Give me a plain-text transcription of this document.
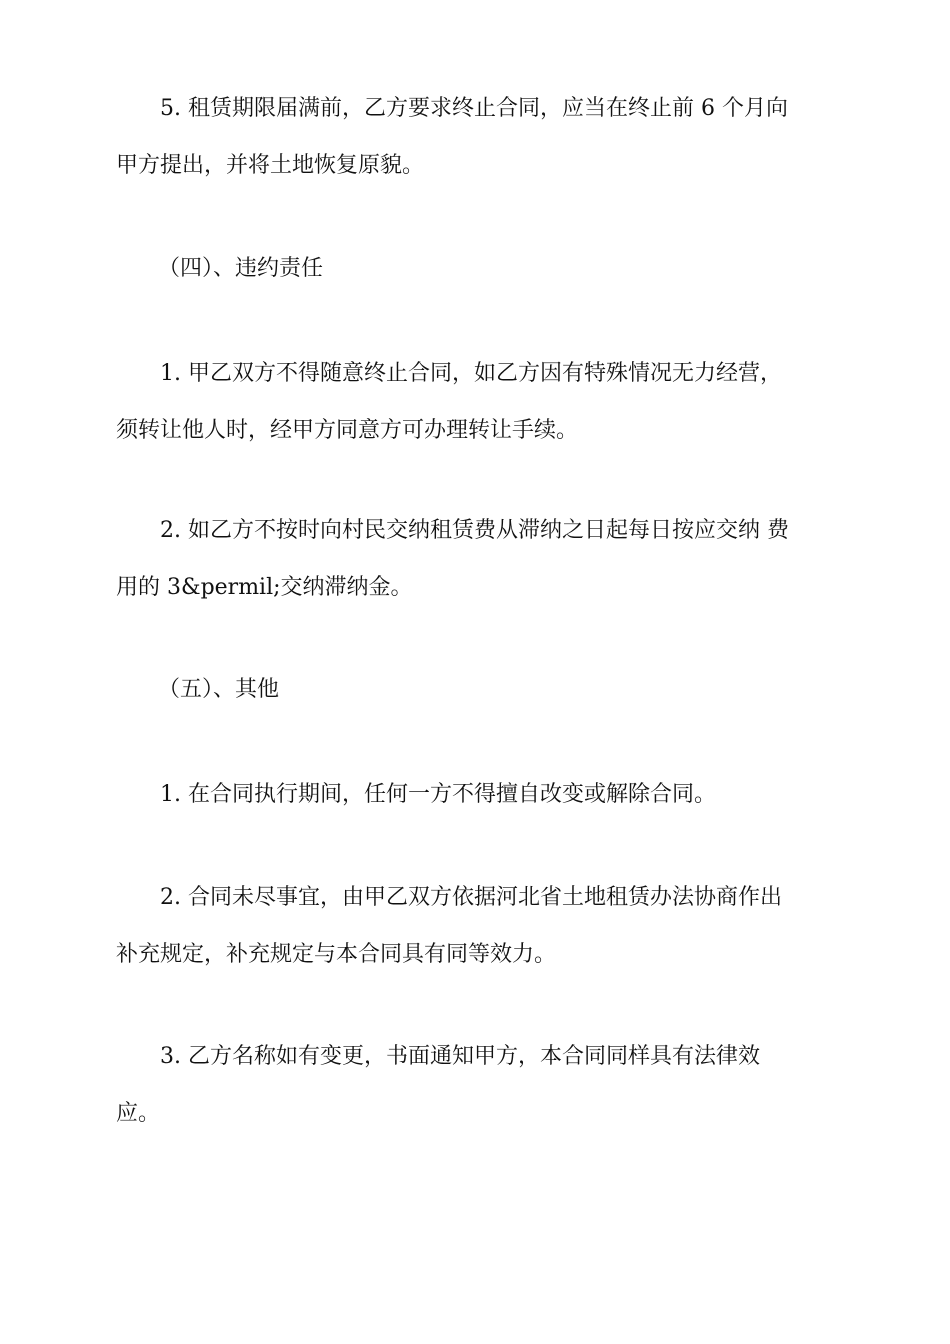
5. 租赁期限届满前，乙方要求终止合同，应当在终止前 6 个月向
甲方提出，并将土地恢复原貌。
（四）、违约责任
1. 甲乙双方不得随意终止合同，如乙方因有特殊情况无力经营，
须转让他人时，经甲方同意方可办理转让手续。
2. 如乙方不按时向村民交纳租赁费从滞纳之日起每日按应交纳 费
用的 3&permil;交纳滞纳金。
（五）、其他
1. 在合同执行期间，任何一方不得擅自改变或解除合同。
2. 合同未尽事宜，由甲乙双方依据河北省土地租赁办法协商作出
补充规定，补充规定与本合同具有同等效力。
3. 乙方名称如有变更，书面通知甲方，本合同同样具有法律效
应。
